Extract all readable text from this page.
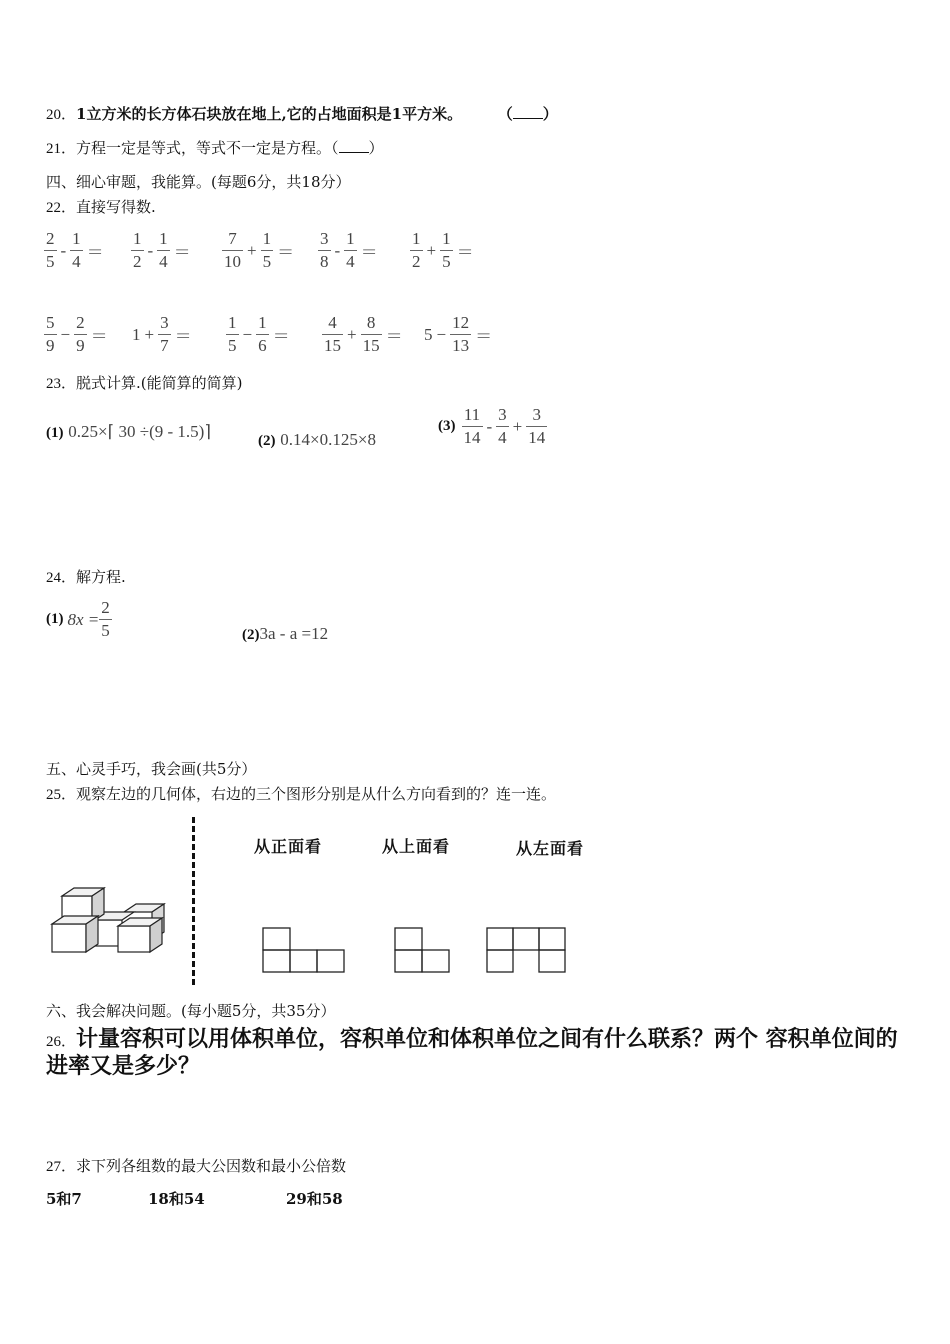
20．1立方米的长方体石块放在地上,它的占地面积是1平方米。 （ ）
21．方程一定是等式，等式不一定是方程。（ ）
四、细心审题，我能算。(每题6分，共18分）
22．直接写得数.
$\frac{2}{5} - \frac{1}{4} = \frac{1}{2} - \frac{1}{4} = \frac{7}{10} + \frac{1}{5} = \frac{3}{8} - \frac{1}{4} = \frac{1}{2} + \frac{1}{5}$ ＝
$\frac{5}{9} - \frac{2}{9} = 1 + \frac{3}{7} = \frac{1}{5} - \frac{1}{6} = \frac{4}{15} + \frac{8}{15} = 5 - \frac{12}{13}$ ＝
23．脱式计算.(能简算的简算)
(1) 0.25×⌈ 30 ÷(9 - 1.5)⌉	(2) 0.14×0.125×8
$(3) \frac{11}{14} - \frac{3}{4} + \frac{3}{14}$
24．解方程.
(1) $8x = \frac{2}{5}$	(2)3a - a =12
五、心灵手巧，我会画(共5分）
25．观察左边的几何体，右边的三个图形分别是从什么方向看到的？连一连。
从正面看	从上面看	从左面看
六、我会解决问题。(每小题5分，共35分）
26．计量容积可以用体积单位，容积单位和体积单位之间有什么联系？两个 容积单位间的进率又是多少？
27．求下列各组数的最大公因数和最小公倍数
5和7	18和54	29和58
